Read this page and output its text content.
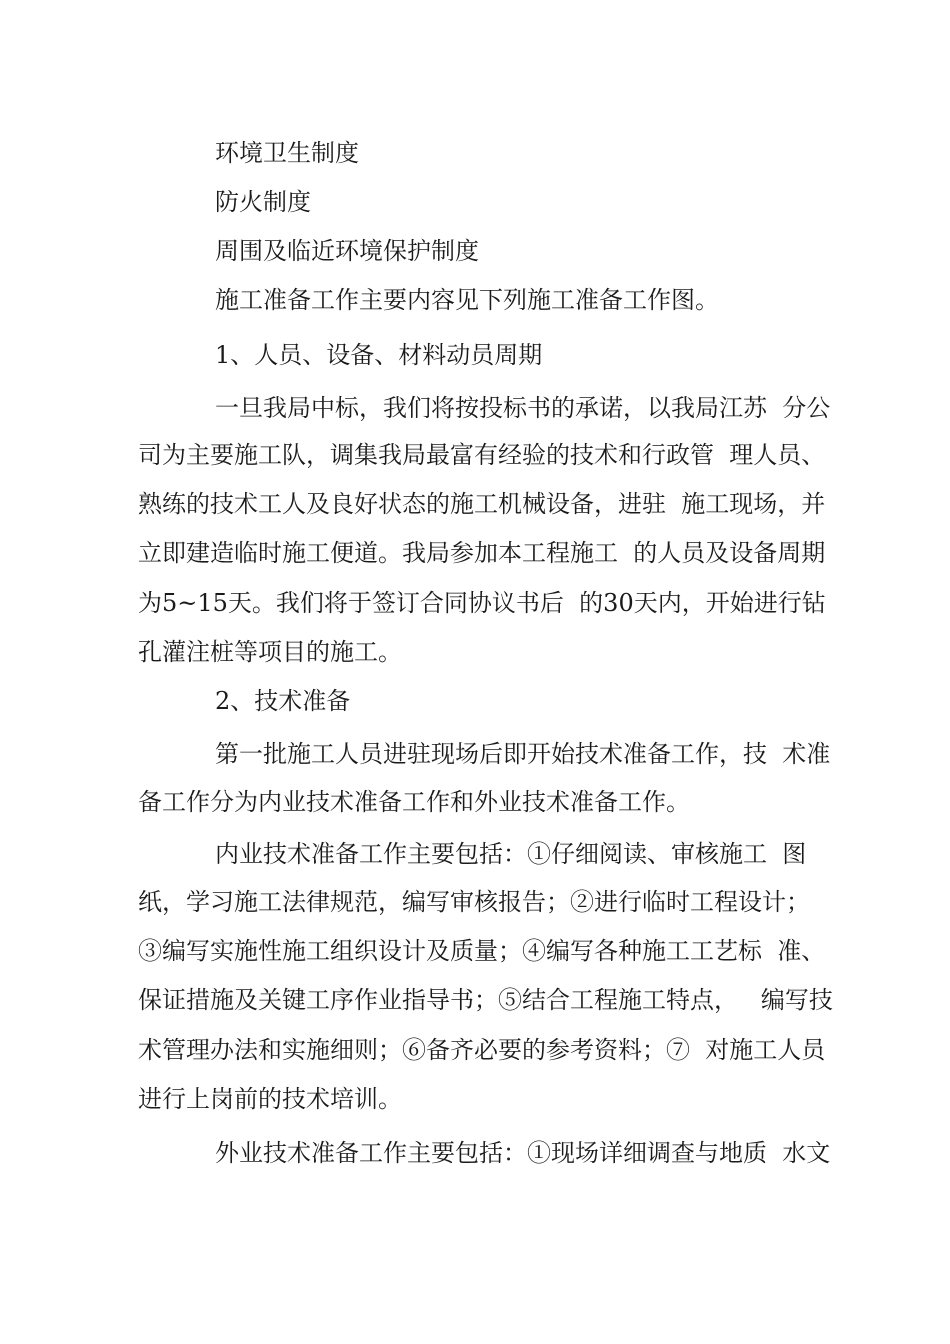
环境卫生制度
防火制度
周围及临近环境保护制度
施工准备工作主要内容见下列施工准备工作图。
1、人员、设备、材料动员周期
一旦我局中标，我们将按投标书的承诺，以我局江苏  分公
司为主要施工队，调集我局最富有经验的技术和行政管  理人员、
熟练的技术工人及良好状态的施工机械设备，进驻  施工现场，并
立即建造临时施工便道。我局参加本工程施工  的人员及设备周期
为5~15天。我们将于签订合同协议书后  的30天内，开始进行钻
孔灌注桩等项目的施工。
2、技术准备
第一批施工人员进驻现场后即开始技术准备工作，技  术准
备工作分为内业技术准备工作和外业技术准备工作。
内业技术准备工作主要包括：①仔细阅读、审核施工  图
纸，学习施工法律规范，编写审核报告；②进行临时工程设计；
③编写实施性施工组织设计及质量；④编写各种施工工艺标  准、
保证措施及关键工序作业指导书；⑤结合工程施工特点，   编写技
术管理办法和实施细则；⑥备齐必要的参考资料；⑦  对施工人员
进行上岗前的技术培训。
外业技术准备工作主要包括：①现场详细调查与地质  水文
